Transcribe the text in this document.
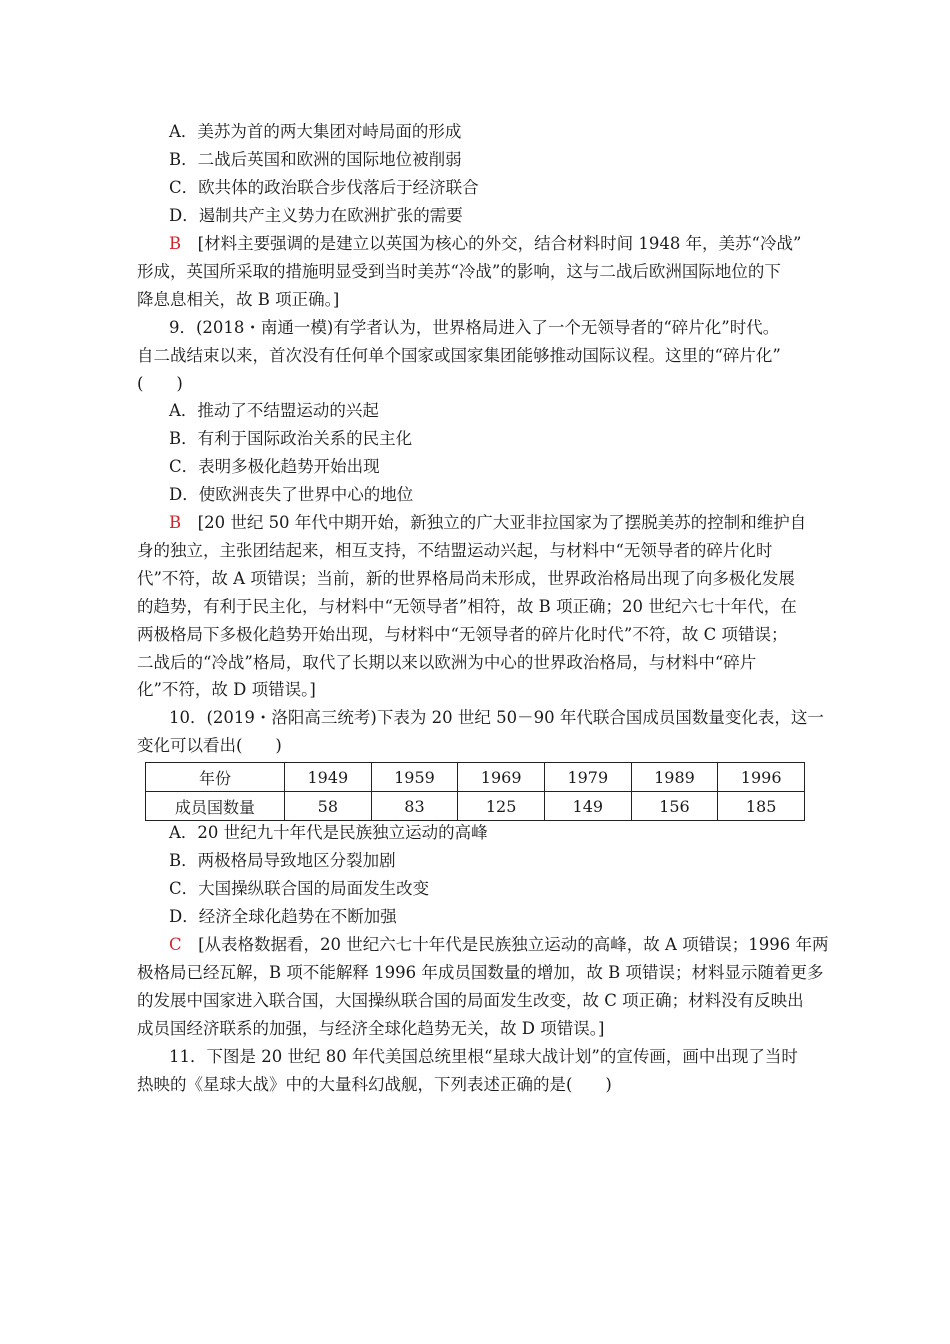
A．美苏为首的两大集团对峙局面的形成
B．二战后英国和欧洲的国际地位被削弱
C．欧共体的政治联合步伐落后于经济联合
D．遏制共产主义势力在欧洲扩张的需要
B　 [材料主要强调的是建立以英国为核心的外交，结合材料时间 1948 年，美苏“冷战”
形成，英国所采取的措施明显受到当时美苏“冷战”的影响，这与二战后欧洲国际地位的下
降息息相关，故 B 项正确。]
9．(2018・南通一模)有学者认为，世界格局进入了一个无领导者的“碎片化”时代。
自二战结束以来，首次没有任何单个国家或国家集团能够推动国际议程。这里的“碎片化”
(　　)
A．推动了不结盟运动的兴起
B．有利于国际政治关系的民主化
C．表明多极化趋势开始出现
D．使欧洲丧失了世界中心的地位
B　 [20 世纪 50 年代中期开始，新独立的广大亚非拉国家为了摆脱美苏的控制和维护自
身的独立，主张团结起来，相互支持，不结盟运动兴起，与材料中“无领导者的碎片化时
代”不符，故 A 项错误；当前，新的世界格局尚未形成，世界政治格局出现了向多极化发展
的趋势，有利于民主化，与材料中“无领导者”相符，故 B 项正确；20 世纪六七十年代，在
两极格局下多极化趋势开始出现，与材料中“无领导者的碎片化时代”不符，故 C 项错误；
二战后的“冷战”格局，取代了长期以来以欧洲为中心的世界政治格局，与材料中“碎片
化”不符，故 D 项错误。]
10．(2019・洛阳高三统考)下表为 20 世纪 50－90 年代联合国成员国数量变化表，这一
变化可以看出(　　)
年份	1949	1959	1969	1979	1989	1996
成员国数量	58	83	125	149	156	185
A．20 世纪九十年代是民族独立运动的高峰
B．两极格局导致地区分裂加剧
C．大国操纵联合国的局面发生改变
D．经济全球化趋势在不断加强
C　 [从表格数据看，20 世纪六七十年代是民族独立运动的高峰，故 A 项错误；1996 年两
极格局已经瓦解，B 项不能解释 1996 年成员国数量的增加，故 B 项错误；材料显示随着更多
的发展中国家进入联合国，大国操纵联合国的局面发生改变，故 C 项正确；材料没有反映出
成员国经济联系的加强，与经济全球化趋势无关，故 D 项错误。]
11．下图是 20 世纪 80 年代美国总统里根“星球大战计划”的宣传画，画中出现了当时
热映的《星球大战》中的大量科幻战舰，下列表述正确的是(　　)
